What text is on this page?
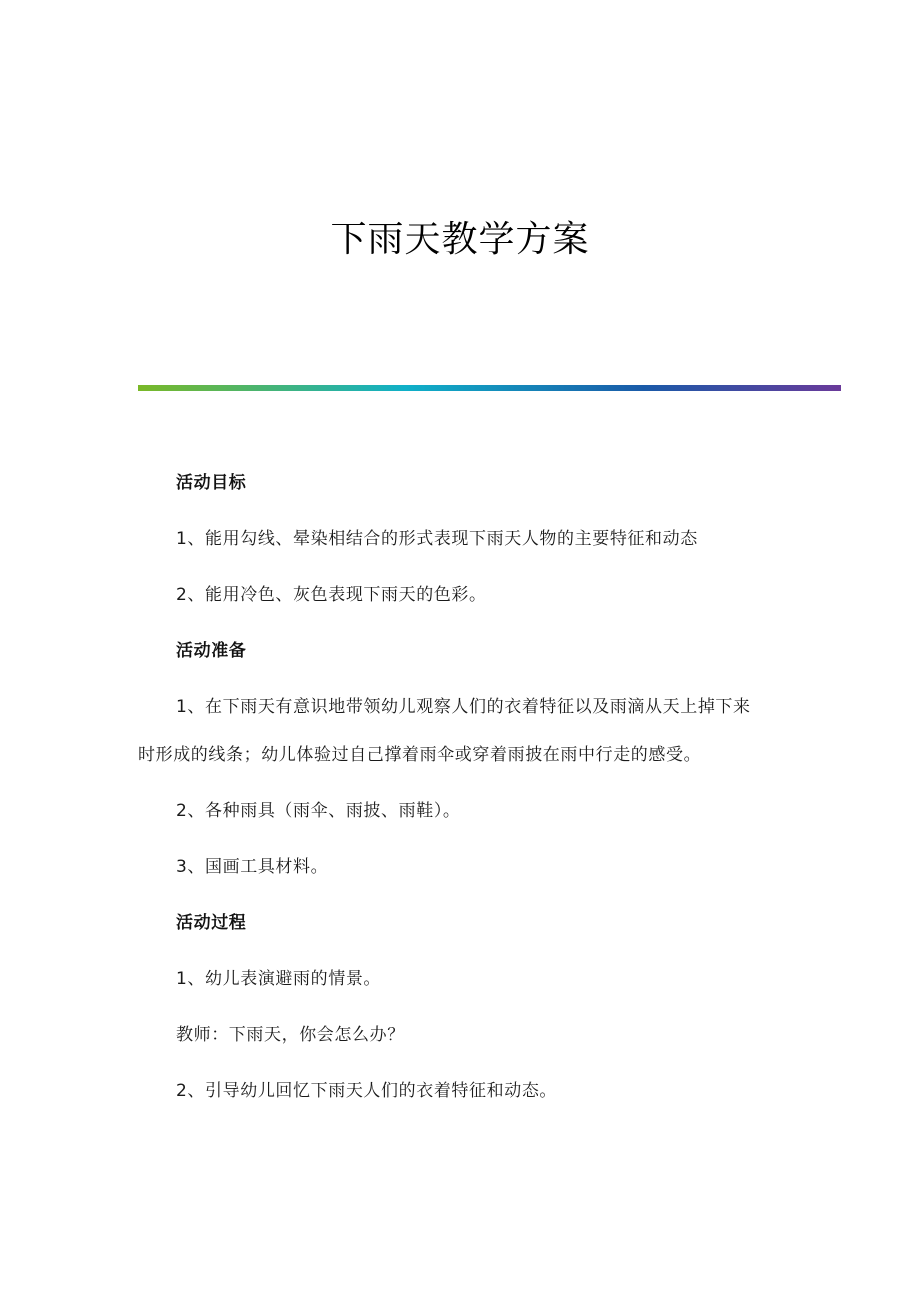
下雨天教学方案
活动目标
1、能用勾线、晕染相结合的形式表现下雨天人物的主要特征和动态
2、能用冷色、灰色表现下雨天的色彩。
活动准备
1、在下雨天有意识地带领幼儿观察人们的衣着特征以及雨滴从天上掉下来
时形成的线条；幼儿体验过自己撑着雨伞或穿着雨披在雨中行走的感受。
2、各种雨具（雨伞、雨披、雨鞋）。
3、国画工具材料。
活动过程
1、幼儿表演避雨的情景。
教师：下雨天，你会怎么办？
2、引导幼儿回忆下雨天人们的衣着特征和动态。
